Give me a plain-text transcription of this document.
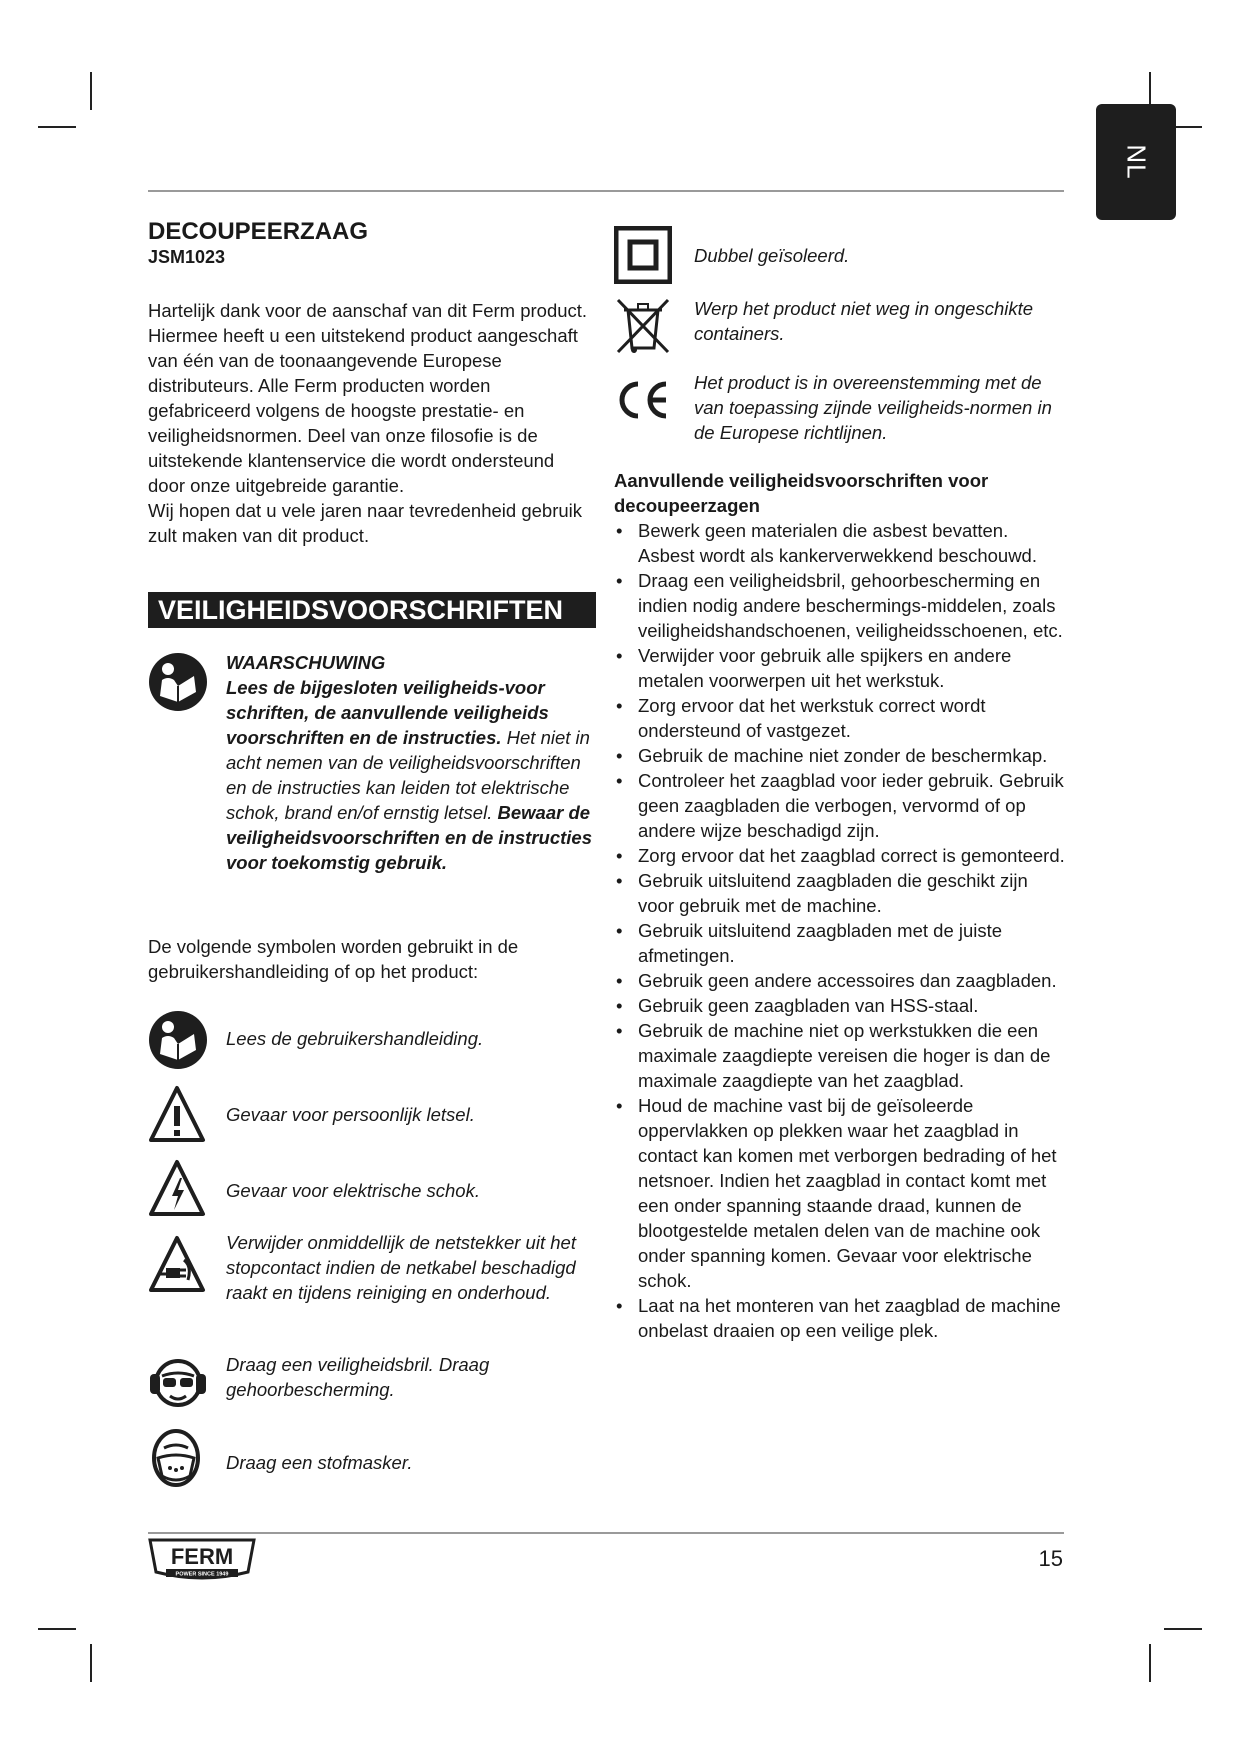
NL
DECOUPEERZAAG
JSM1023

Hartelijk dank voor de aanschaf van dit Ferm product. Hiermee heeft u een uitstekend product aangeschaft van één van de toonaangevende Europese distributeurs. Alle Ferm producten worden gefabriceerd volgens de hoogste prestatie- en veiligheidsnormen. Deel van onze filosofie is de uitstekende klantenservice die wordt ondersteund door onze uitgebreide garantie.

Wij hopen dat u vele jaren naar tevredenheid gebruik zult maken van dit product.

VEILIGHEIDSVOORSCHRIFTEN
WAARSCHUWING
Lees de bijgesloten veiligheids-voor schriften, de aanvullende veiligheids voorschriften en de instructies. Het niet in acht nemen van de veiligheidsvoorschriften en de instructies kan leiden tot elektrische schok, brand en/of ernstig letsel. Bewaar de veiligheidsvoorschriften en de instructies voor toekomstig gebruik.
De volgende symbolen worden gebruikt in de gebruikershandleiding of op het product:
Lees de gebruikershandleiding.
Gevaar voor persoonlijk letsel.
Gevaar voor elektrische schok.
Verwijder onmiddellijk de netstekker uit het stopcontact indien de netkabel beschadigd raakt en tijdens reiniging en onderhoud.
Draag een veiligheidsbril. Draag gehoorbescherming.
Draag een stofmasker.
Dubbel geïsoleerd.
Werp het product niet weg in ongeschikte containers.
Het product is in overeenstemming met de van toepassing zijnde veiligheids-normen in de Europese richtlijnen.
Aanvullende veiligheidsvoorschriften voor decoupeerzagen
• Bewerk geen materialen die asbest bevatten. Asbest wordt als kankerverwekkend beschouwd.
• Draag een veiligheidsbril, gehoorbescherming en indien nodig andere beschermings-middelen, zoals veiligheidshandschoenen, veiligheidsschoenen, etc.
• Verwijder voor gebruik alle spijkers en andere metalen voorwerpen uit het werkstuk.
• Zorg ervoor dat het werkstuk correct wordt ondersteund of vastgezet.
• Gebruik de machine niet zonder de beschermkap.
• Controleer het zaagblad voor ieder gebruik. Gebruik geen zaagbladen die verbogen, vervormd of op andere wijze beschadigd zijn.
• Zorg ervoor dat het zaagblad correct is gemonteerd.
• Gebruik uitsluitend zaagbladen die geschikt zijn voor gebruik met de machine.
• Gebruik uitsluitend zaagbladen met de juiste afmetingen.
• Gebruik geen andere accessoires dan zaagbladen.
• Gebruik geen zaagbladen van HSS-staal.
• Gebruik de machine niet op werkstukken die een maximale zaagdiepte vereisen die hoger is dan de maximale zaagdiepte van het zaagblad.
• Houd de machine vast bij de geïsoleerde oppervlakken op plekken waar het zaagblad in contact kan komen met verborgen bedrading of het netsnoer. Indien het zaagblad in contact komt met een onder spanning staande draad, kunnen de blootgestelde metalen delen van de machine ook onder spanning komen. Gevaar voor elektrische schok.
• Laat na het monteren van het zaagblad de machine onbelast draaien op een veilige plek.
FERM
POWER SINCE 1949
15
